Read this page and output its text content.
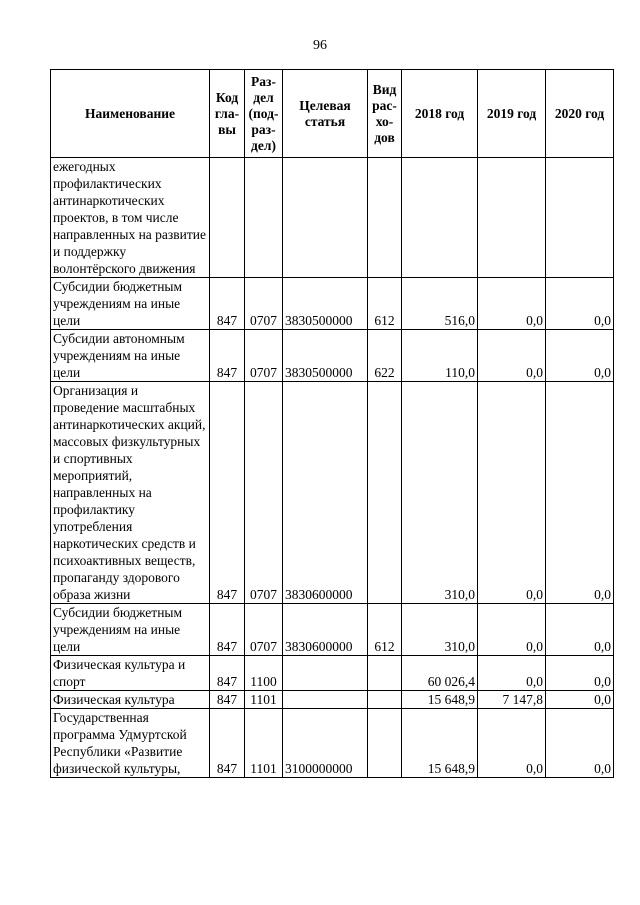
96
Наименование	Код гла- вы	Раз- дел (под- раз- дел)	Целевая статья	Вид рас- хо- дов	2018 год	2019 год	2020 год
ежегодных профилактических антинаркотических проектов, в том числе направленных на развитие и поддержку волонтёрского движения							
Субсидии бюджетным учреждениям на иные цели	847	0707	3830500000	612	516,0	0,0	0,0
Субсидии автономным учреждениям на иные цели	847	0707	3830500000	622	110,0	0,0	0,0
Организация и проведение масштабных антинаркотических акций, массовых физкультурных и спортивных мероприятий, направленных на профилактику употребления наркотических средств и психоактивных веществ, пропаганду здорового образа жизни	847	0707	3830600000		310,0	0,0	0,0
Субсидии бюджетным учреждениям на иные цели	847	0707	3830600000	612	310,0	0,0	0,0
Физическая культура и спорт	847	1100			60 026,4	0,0	0,0
Физическая культура	847	1101			15 648,9	7 147,8	0,0
Государственная программа Удмуртской Республики «Развитие физической культуры,	847	1101	3100000000		15 648,9	0,0	0,0
